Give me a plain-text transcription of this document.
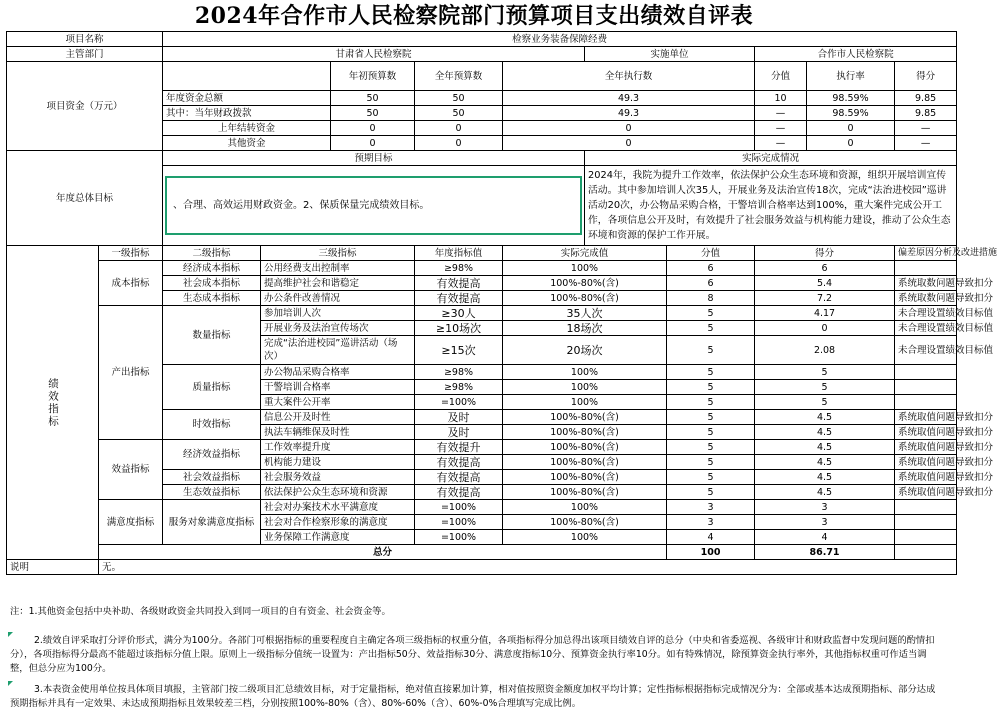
2024年合作市人民检察院部门预算项目支出绩效自评表
项目名称		检察业务装备保障经费									
主管部门		甘肃省人民检察院					实施单位		合作市人民检察院		
项目资金（万元）				年初预算数	全年预算数	全年执行数			分值	执行率	得分
		年度资金总额		50	50	49.3			10	98.59%	9.85
		其中：当年财政拨款		50	50	49.3			—	98.59%	9.85
		上年结转资金		0	0	0			—	0	—
		其他资金		0	0	0			—	0	—
年度总体目标		预期目标					实际完成情况				

、合理、高效运用财政资金。2、保质保量完成绩效目标。					2024年，我院为提升工作效率，依法保护公众生态环境和资源，组织开展培训宣传活动。其中参加培训人次35人，开展业务及法治宣传18次，完成“法治进校园”巡讲活动20次，办公物品采购合格，干警培训合格率达到100%，重大案件完成公开工作，各项信息公开及时，有效提升了社会服务效益与机构能力建设，推动了公众生态环境和资源的保护工作开展。				

绩效指标	一级指标	二级指标	三级指标		年度指标值	实际完成值		分值	得分		偏差原因分析及改进措施
	成本指标	经济成本指标	公用经费支出控制率		≥98%	100%		6	6		
		社会成本指标	提高维护社会和谐稳定		有效提高	100%-80%(含)		6	5.4		系统取数问题导致扣分
		生态成本指标	办公条件改善情况		有效提高	100%-80%(含)		8	7.2		系统取数问题导致扣分
	产出指标	数量指标	参加培训人次		≥30人	35人次		5	4.17		未合理设置绩效目标值
			开展业务及法治宣传场次		≥10场次	18场次		5	0		未合理设置绩效目标值
			完成“法治进校园”巡讲活动（场次）		≥15次	20场次		5	2.08		未合理设置绩效目标值
		质量指标	办公物品采购合格率		≥98%	100%		5	5		
			干警培训合格率		≥98%	100%		5	5		
			重大案件公开率		=100%	100%		5	5		
		时效指标	信息公开及时性		及时	100%-80%(含)		5	4.5		系统取值问题导致扣分
			执法车辆维保及时性		及时	100%-80%(含)		5	4.5		系统取值问题导致扣分
	效益指标	经济效益指标	工作效率提升度		有效提升	100%-80%(含)		5	4.5		系统取值问题导致扣分
			机构能力建设		有效提高	100%-80%(含)		5	4.5		系统取值问题导致扣分
		社会效益指标	社会服务效益		有效提高	100%-80%(含)		5	4.5		系统取值问题导致扣分
		生态效益指标	依法保护公众生态环境和资源		有效提高	100%-80%(含)		5	4.5		系统取值问题导致扣分
	满意度指标	服务对象满意度指标	社会对办案技术水平满意度		=100%	100%		3	3		
			社会对合作检察形象的满意度		=100%	100%-80%(含)		3	3		
			业务保障工作满意度		=100%	100%		4	4		
	总分							100	86.71		
说明	无。										
注：1.其他资金包括中央补助、各级财政资金共同投入到同一项目的自有资金、社会资金等。
2.绩效自评采取打分评价形式，满分为100分。各部门可根据指标的重要程度自主确定各项三级指标的权重分值，各项指标得分加总得出该项目绩效自评的总分（中央和省委巡视、各级审计和财政监督中发现问题的酌情扣分），各项指标得分最高不能超过该指标分值上限。原则上一级指标分值统一设置为：产出指标50分、效益指标30分、满意度指标10分、预算资金执行率10分。如有特殊情况，除预算资金执行率外，其他指标权重可作适当调整，但总分应为100分。
3.本表资金使用单位按具体项目填报，主管部门按二级项目汇总绩效目标，对于定量指标，绝对值直接累加计算，相对值按照资金额度加权平均计算；定性指标根据指标完成情况分为：全部或基本达成预期指标、部分达成预期指标并具有一定效果、未达成预期指标且效果较差三档，分别按照100%-80%（含）、80%-60%（含）、60%-0%合理填写完成比例。
